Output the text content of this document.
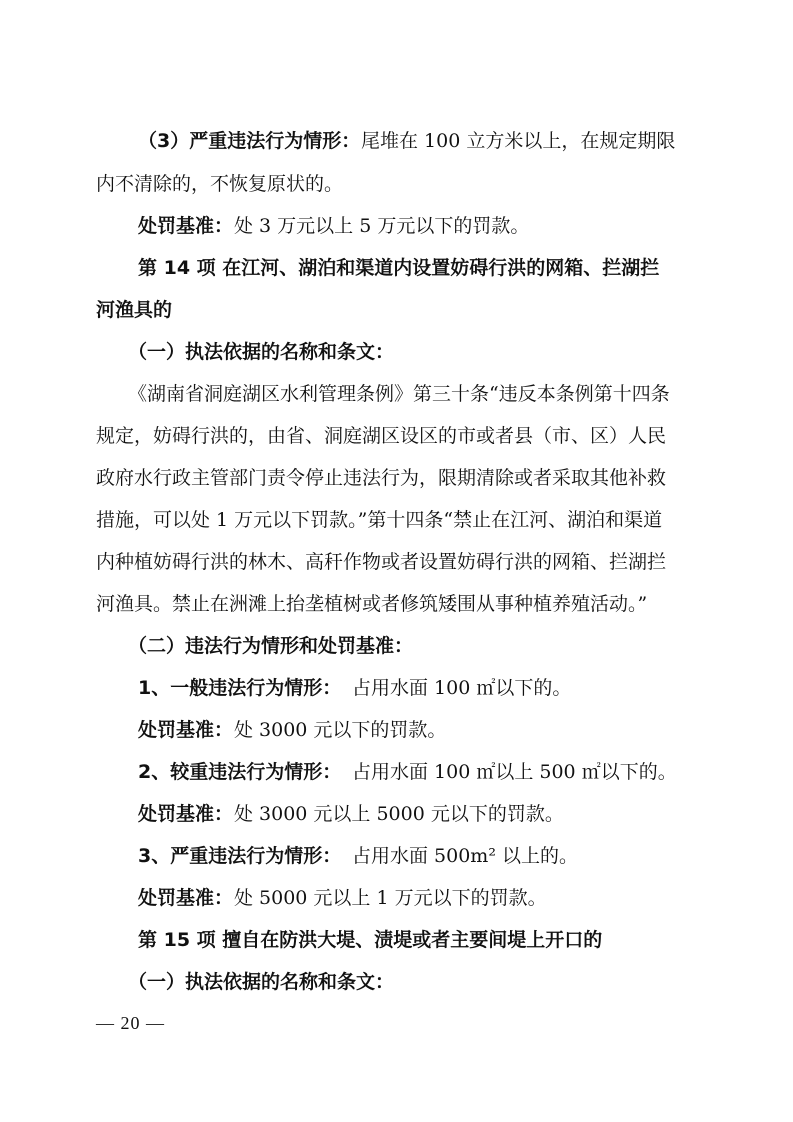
（3）严重违法行为情形： 尾堆在 100 立方米以上，在规定期限
内不清除的，不恢复原状的。
处罚基准： 处 3 万元以上 5 万元以下的罚款。
第 14 项 在江河、湖泊和渠道内设置妨碍行洪的网箱、拦湖拦
河渔具的
（一）执法依据的名称和条文：
《湖南省洞庭湖区水利管理条例》第三十条“违反本条例第十四条
规定，妨碍行洪的，由省、洞庭湖区设区的市或者县（市、区）人民
政府水行政主管部门责令停止违法行为，限期清除或者采取其他补救
措施，可以处 1 万元以下罚款。”第十四条“禁止在江河、湖泊和渠道
内种植妨碍行洪的林木、高秆作物或者设置妨碍行洪的网箱、拦湖拦
河渔具。禁止在洲滩上抬垄植树或者修筑矮围从事种植养殖活动。”
（二）违法行为情形和处罚基准：
1、一般违法行为情形： 占用水面 100 ㎡以下的。
处罚基准： 处 3000 元以下的罚款。
2、较重违法行为情形： 占用水面 100 ㎡以上 500 ㎡以下的。
处罚基准： 处 3000 元以上 5000 元以下的罚款。
3、严重违法行为情形： 占用水面 500m² 以上的。
处罚基准： 处 5000 元以上 1 万元以下的罚款。
第 15 项 擅自在防洪大堤、渍堤或者主要间堤上开口的
（一）执法依据的名称和条文：
— 20 —
